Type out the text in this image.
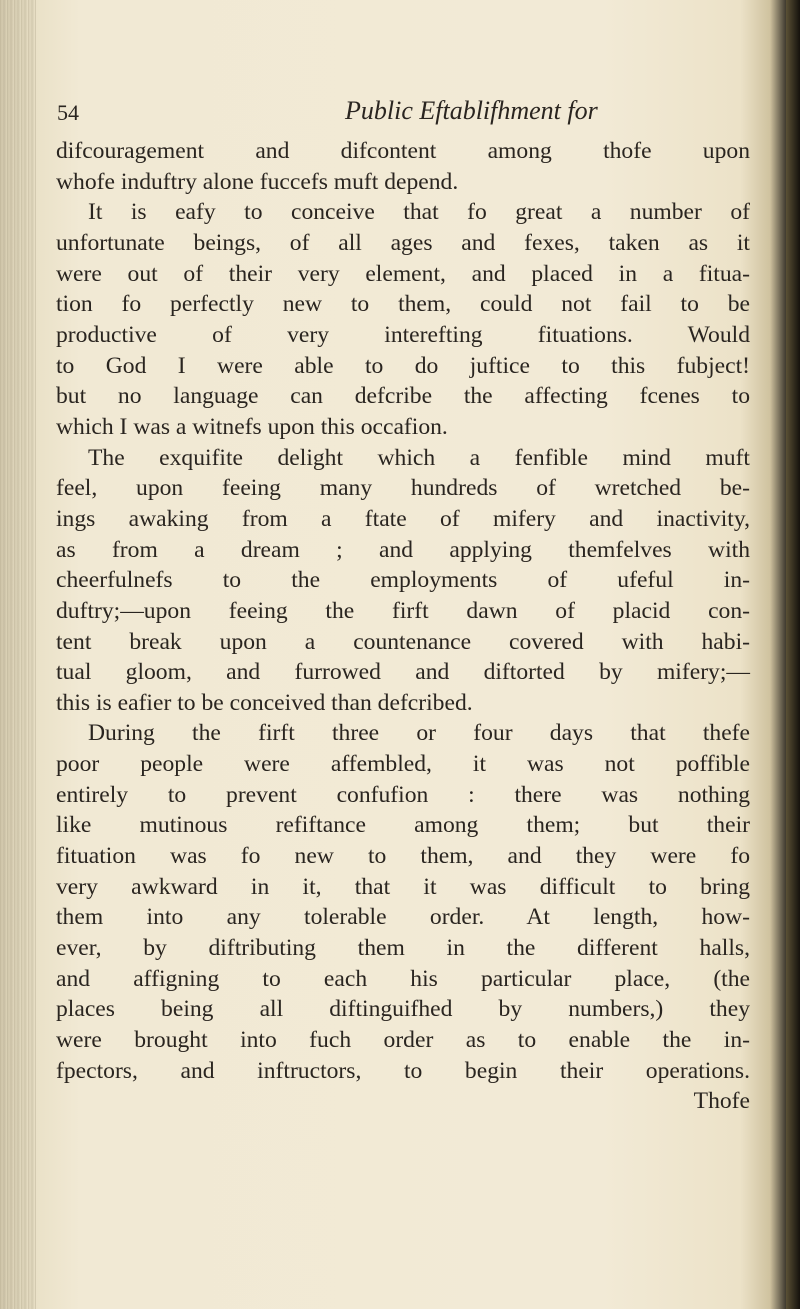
54	Public Eftablifhment for
difcouragement and difcontent among thofe upon
whofe induftry alone fuccefs muft depend.
It is eafy to conceive that fo great a number of
unfortunate beings, of all ages and fexes, taken as it
were out of their very element, and placed in a fitua-
tion fo perfectly new to them, could not fail to be
productive of very interefting fituations. Would
to God I were able to do juftice to this fubject!
but no language can defcribe the affecting fcenes to
which I was a witnefs upon this occafion.
The exquifite delight which a fenfible mind muft
feel, upon feeing many hundreds of wretched be-
ings awaking from a ftate of mifery and inactivity,
as from a dream ; and applying themfelves with
cheerfulnefs to the employments of ufeful in-
duftry;—upon feeing the firft dawn of placid con-
tent break upon a countenance covered with habi-
tual gloom, and furrowed and diftorted by mifery;—
this is eafier to be conceived than defcribed.
During the firft three or four days that thefe
poor people were affembled, it was not poffible
entirely to prevent confufion : there was nothing
like mutinous refiftance among them; but their
fituation was fo new to them, and they were fo
very awkward in it, that it was difficult to bring
them into any tolerable order. At length, how-
ever, by diftributing them in the different halls,
and affigning to each his particular place, (the
places being all diftinguifhed by numbers,) they
were brought into fuch order as to enable the in-
fpectors, and inftructors, to begin their operations.
Thofe
